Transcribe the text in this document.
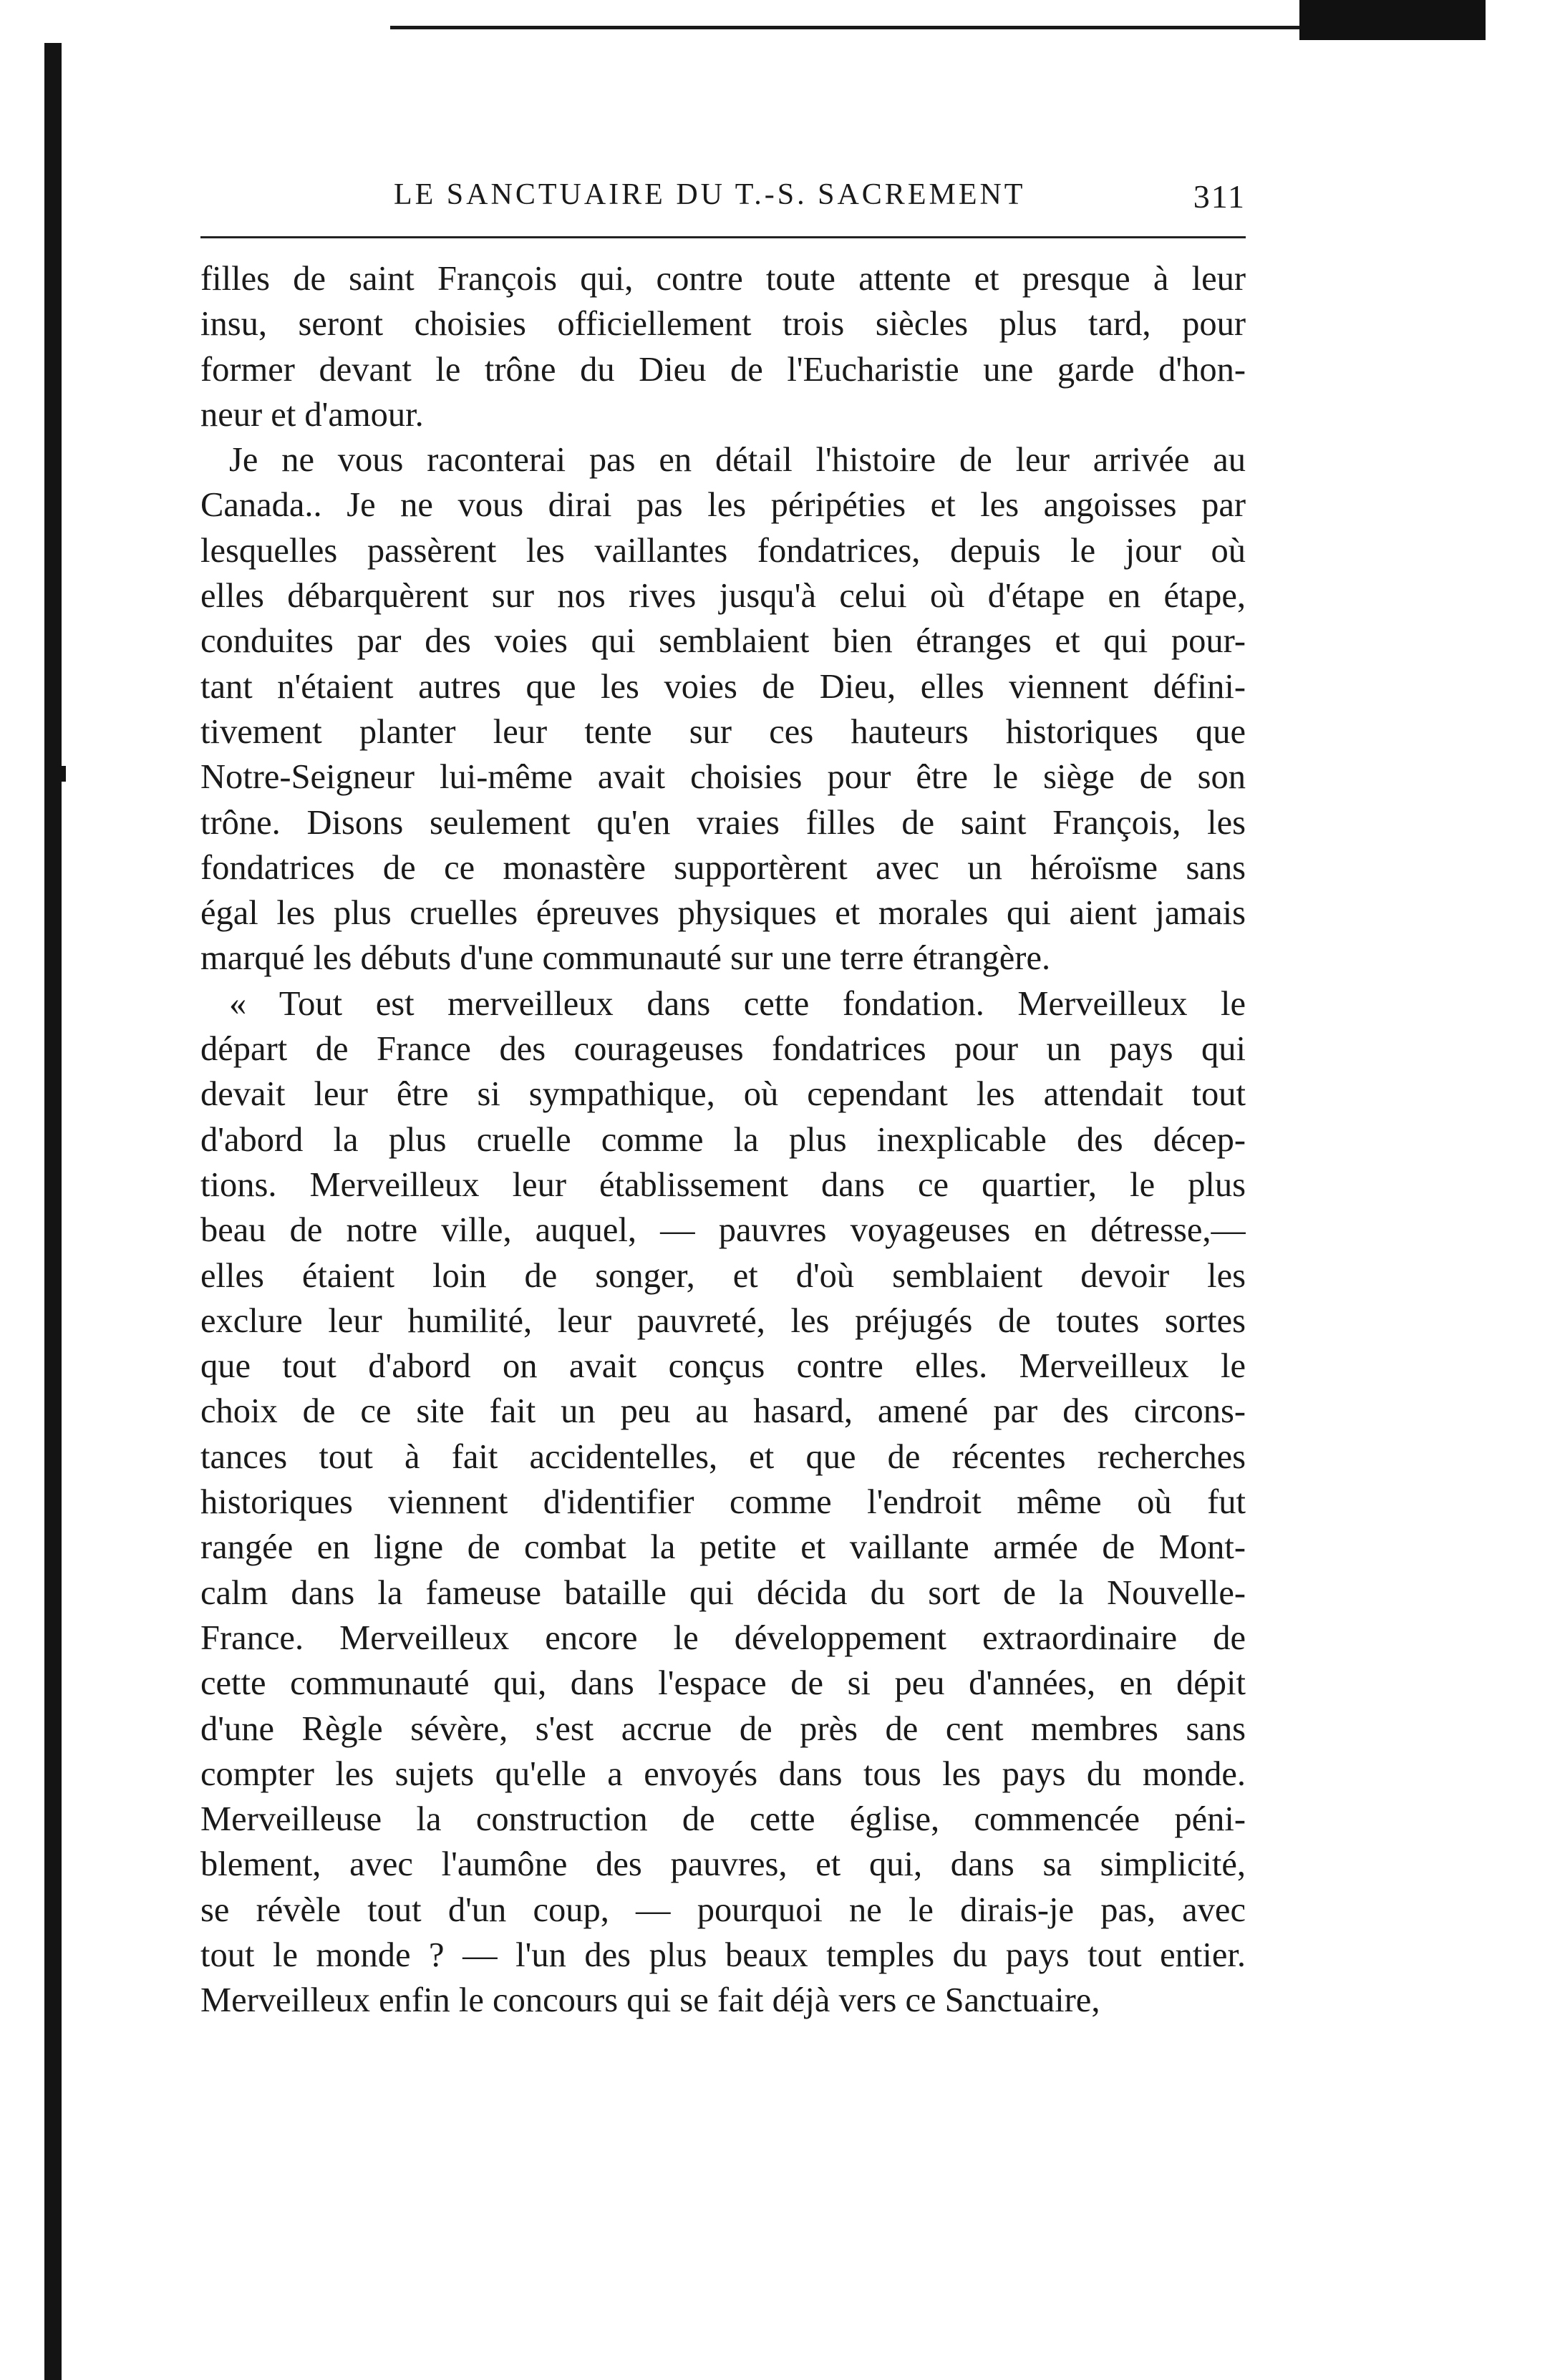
LE SANCTUAIRE DU T.-S. SACREMENT	311
filles de saint François qui, contre toute attente et presque à leur
insu, seront choisies officiellement trois siècles plus tard, pour
former devant le trône du Dieu de l'Eucharistie une garde d'hon-
neur et d'amour.
Je ne vous raconterai pas en détail l'histoire de leur arrivée au
Canada.. Je ne vous dirai pas les péripéties et les angoisses par
lesquelles passèrent les vaillantes fondatrices, depuis le jour où
elles débarquèrent sur nos rives jusqu'à celui où d'étape en étape,
conduites par des voies qui semblaient bien étranges et qui pour-
tant n'étaient autres que les voies de Dieu, elles viennent défini-
tivement planter leur tente sur ces hauteurs historiques que
Notre-Seigneur lui-même avait choisies pour être le siège de son
trône. Disons seulement qu'en vraies filles de saint François, les
fondatrices de ce monastère supportèrent avec un héroïsme sans
égal les plus cruelles épreuves physiques et morales qui aient jamais
marqué les débuts d'une communauté sur une terre étrangère.
« Tout est merveilleux dans cette fondation. Merveilleux le
départ de France des courageuses fondatrices pour un pays qui
devait leur être si sympathique, où cependant les attendait tout
d'abord la plus cruelle comme la plus inexplicable des décep-
tions. Merveilleux leur établissement dans ce quartier, le plus
beau de notre ville, auquel, — pauvres voyageuses en détresse,—
elles étaient loin de songer, et d'où semblaient devoir les
exclure leur humilité, leur pauvreté, les préjugés de toutes sortes
que tout d'abord on avait conçus contre elles. Merveilleux le
choix de ce site fait un peu au hasard, amené par des circons-
tances tout à fait accidentelles, et que de récentes recherches
historiques viennent d'identifier comme l'endroit même où fut
rangée en ligne de combat la petite et vaillante armée de Mont-
calm dans la fameuse bataille qui décida du sort de la Nouvelle-
France. Merveilleux encore le développement extraordinaire de
cette communauté qui, dans l'espace de si peu d'années, en dépit
d'une Règle sévère, s'est accrue de près de cent membres sans
compter les sujets qu'elle a envoyés dans tous les pays du monde.
Merveilleuse la construction de cette église, commencée péni-
blement, avec l'aumône des pauvres, et qui, dans sa simplicité,
se révèle tout d'un coup, — pourquoi ne le dirais-je pas, avec
tout le monde ? — l'un des plus beaux temples du pays tout entier.
Merveilleux enfin le concours qui se fait déjà vers ce Sanctuaire,
